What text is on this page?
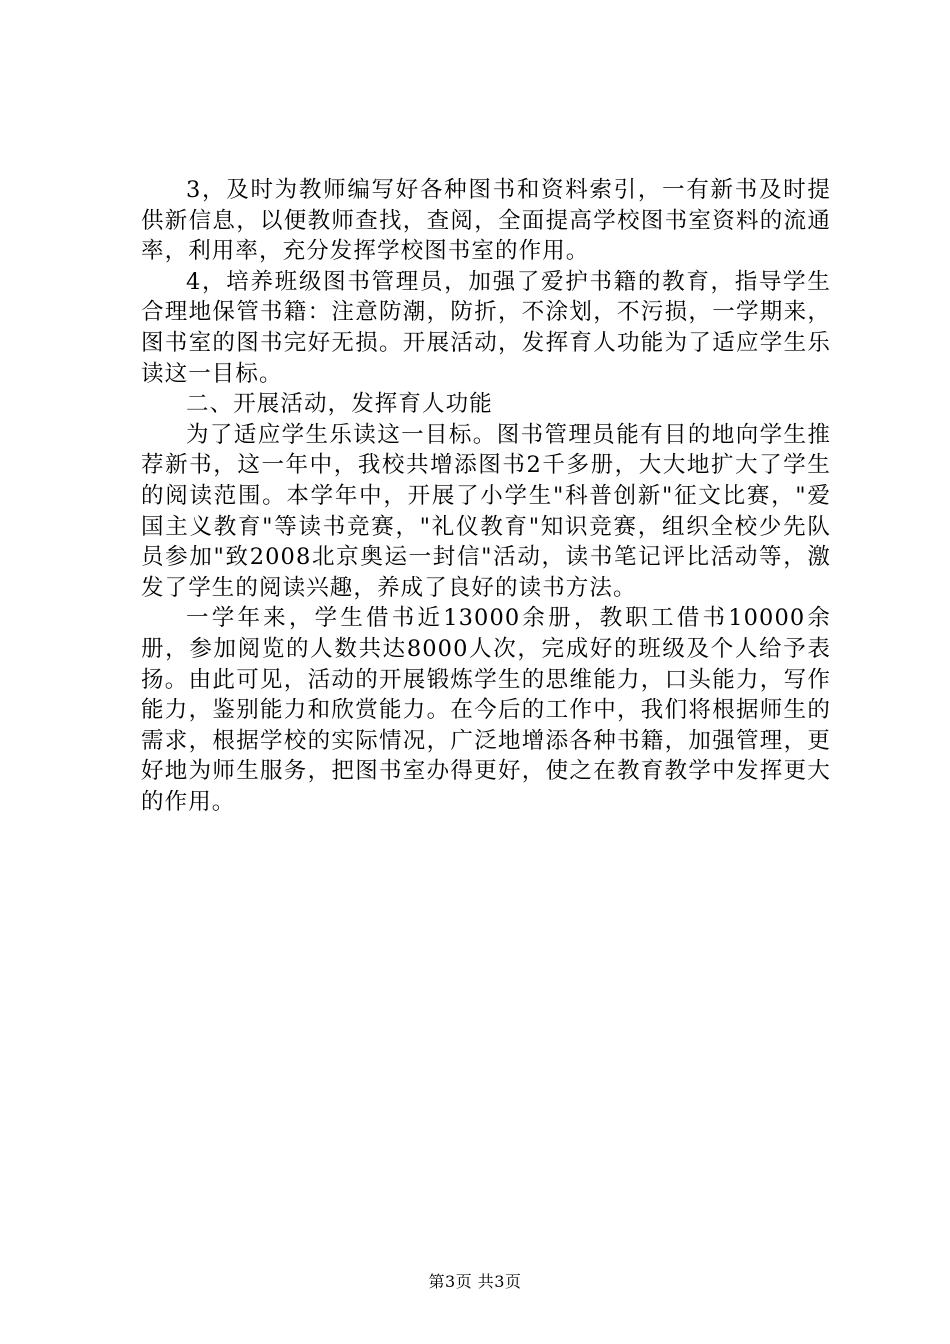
3，及时为教师编写好各种图书和资料索引，一有新书及时提供新信息，以便教师查找，查阅，全面提高学校图书室资料的流通率，利用率，充分发挥学校图书室的作用。

4，培养班级图书管理员，加强了爱护书籍的教育，指导学生合理地保管书籍：注意防潮，防折，不涂划，不污损，一学期来，图书室的图书完好无损。开展活动，发挥育人功能为了适应学生乐读这一目标。

二、开展活动，发挥育人功能

为了适应学生乐读这一目标。图书管理员能有目的地向学生推荐新书，这一年中，我校共增添图书2千多册，大大地扩大了学生的阅读范围。本学年中，开展了小学生"科普创新"征文比赛，"爱国主义教育"等读书竞赛，"礼仪教育"知识竞赛，组织全校少先队员参加"致2008北京奥运一封信"活动，读书笔记评比活动等，激发了学生的阅读兴趣，养成了良好的读书方法。

一学年来，学生借书近13000余册，教职工借书10000余册，参加阅览的人数共达8000人次，完成好的班级及个人给予表扬。由此可见，活动的开展锻炼学生的思维能力，口头能力，写作能力，鉴别能力和欣赏能力。在今后的工作中，我们将根据师生的需求，根据学校的实际情况，广泛地增添各种书籍，加强管理，更好地为师生服务，把图书室办得更好，使之在教育教学中发挥更大的作用。

第3页 共3页
